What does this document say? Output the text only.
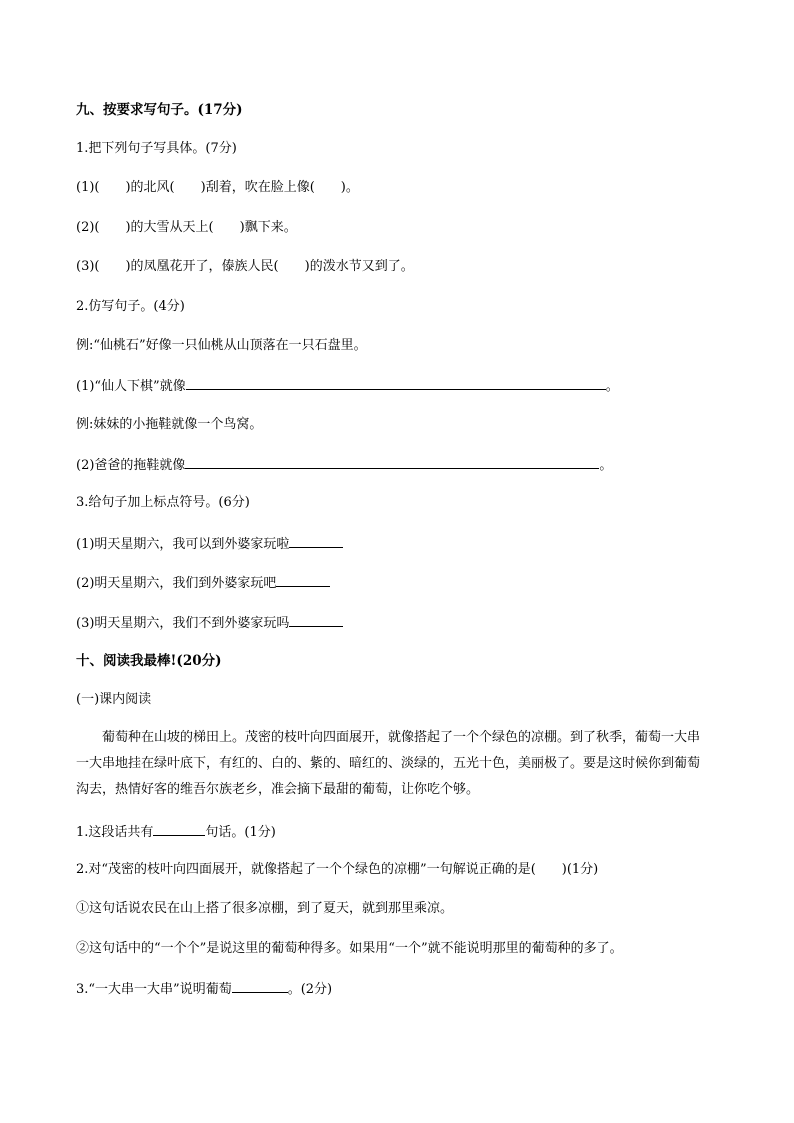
九、按要求写句子。(17分)
1.把下列句子写具体。(7分)
(1)(　　)的北风(　　)刮着，吹在脸上像(　　)。
(2)(　　)的大雪从天上(　　)飘下来。
(3)(　　)的凤凰花开了，傣族人民(　　)的泼水节又到了。
2.仿写句子。(4分)
例:“仙桃石”好像一只仙桃从山顶落在一只石盘里。
(1)“仙人下棋”就像	。
例:妹妹的小拖鞋就像一个鸟窝。
(2)爸爸的拖鞋就像	。
3.给句子加上标点符号。(6分)
(1)明天星期六，我可以到外婆家玩啦
(2)明天星期六，我们到外婆家玩吧
(3)明天星期六，我们不到外婆家玩吗
十、阅读我最棒!(20分)
(一)课内阅读
葡萄种在山坡的梯田上。茂密的枝叶向四面展开，就像搭起了一个个绿色的凉棚。到了秋季，葡萄一大串一大串地挂在绿叶底下，有红的、白的、紫的、暗红的、淡绿的，五光十色，美丽极了。要是这时候你到葡萄沟去，热情好客的维吾尔族老乡，准会摘下最甜的葡萄，让你吃个够。
1.这段话共有	句话。(1分)
2.对“茂密的枝叶向四面展开，就像搭起了一个个绿色的凉棚”一句解说正确的是(　　)(1分)
①这句话说农民在山上搭了很多凉棚，到了夏天，就到那里乘凉。
②这句话中的“一个个”是说这里的葡萄种得多。如果用“一个”就不能说明那里的葡萄种的多了。
3.“一大串一大串”说明葡萄	。(2分)
